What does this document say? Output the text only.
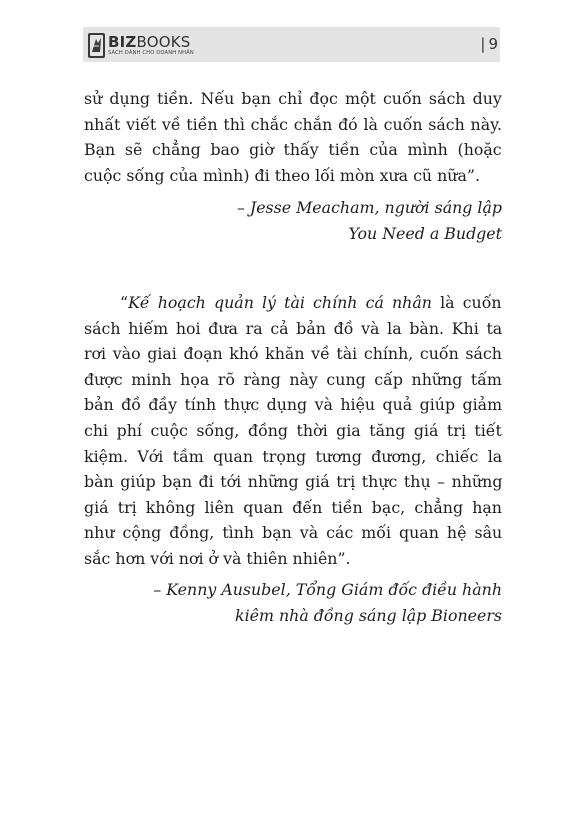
BIZBOOKS
SÁCH DÀNH CHO DOANH NHÂN	| 9
sử dụng tiền. Nếu bạn chỉ đọc một cuốn sách duy
nhất viết về tiền thì chắc chắn đó là cuốn sách này.
Bạn sẽ chẳng bao giờ thấy tiền của mình (hoặc
cuộc sống của mình) đi theo lối mòn xưa cũ nữa”.
– Jesse Meacham, người sáng lập
You Need a Budget
“Kế hoạch quản lý tài chính cá nhân là cuốn
sách hiếm hoi đưa ra cả bản đồ và la bàn. Khi ta
rơi vào giai đoạn khó khăn về tài chính, cuốn sách
được minh họa rõ ràng này cung cấp những tấm
bản đồ đầy tính thực dụng và hiệu quả giúp giảm
chi phí cuộc sống, đồng thời gia tăng giá trị tiết
kiệm. Với tầm quan trọng tương đương, chiếc la
bàn giúp bạn đi tới những giá trị thực thụ – những
giá trị không liên quan đến tiền bạc, chẳng hạn
như cộng đồng, tình bạn và các mối quan hệ sâu
sắc hơn với nơi ở và thiên nhiên”.
– Kenny Ausubel, Tổng Giám đốc điều hành
kiêm nhà đồng sáng lập Bioneers
